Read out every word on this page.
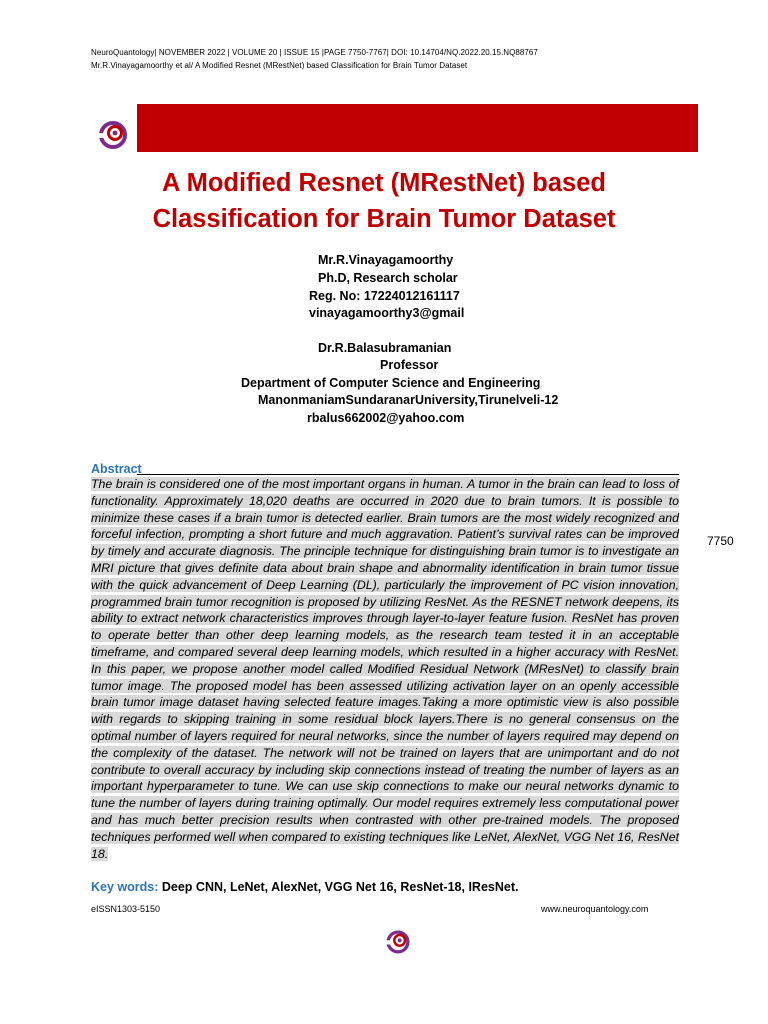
NeuroQuantology| NOVEMBER 2022 | VOLUME 20 | ISSUE 15 |PAGE 7750-7767| DOI: 10.14704/NQ.2022.20.15.NQ88767
Mr.R.Vinayagamoorthy et al/ A Modified Resnet (MRestNet) based Classification for Brain Tumor Dataset
A Modified Resnet (MRestNet) based
Classification for Brain Tumor Dataset
Mr.R.Vinayagamoorthy
Ph.D, Research scholar
Reg. No: 17224012161117
vinayagamoorthy3@gmail
Dr.R.Balasubramanian
Professor
Department of Computer Science and Engineering
ManonmaniamSundaranarUniversity,Tirunelveli-12
rbalus662002@yahoo.com
Abstract
The brain is considered one of the most important organs in human. A tumor in the brain can lead to loss of functionality. Approximately 18,020 deaths are occurred in 2020 due to brain tumors. It is possible to minimize these cases if a brain tumor is detected earlier. Brain tumors are the most widely recognized and forceful infection, prompting a short future and much aggravation. Patient’s survival rates can be improved by timely and accurate diagnosis. The principle technique for distinguishing brain tumor is to investigate an MRI picture that gives definite data about brain shape and abnormality identification in brain tumor tissue with the quick advancement of Deep Learning (DL), particularly the improvement of PC vision innovation, programmed brain tumor recognition is proposed by utilizing ResNet. As the RESNET network deepens, its ability to extract network characteristics improves through layer-to-layer feature fusion. ResNet has proven to operate better than other deep learning models, as the research team tested it in an acceptable timeframe, and compared several deep learning models, which resulted in a higher accuracy with ResNet. In this paper, we propose another model called Modified Residual Network (MResNet) to classify brain tumor image. The proposed model has been assessed utilizing activation layer on an openly accessible brain tumor image dataset having selected feature images.Taking a more optimistic view is also possible with regards to skipping training in some residual block layers.There is no general consensus on the optimal number of layers required for neural networks, since the number of layers required may depend on the complexity of the dataset. The network will not be trained on layers that are unimportant and do not contribute to overall accuracy by including skip connections instead of treating the number of layers as an important hyperparameter to tune. We can use skip connections to make our neural networks dynamic to tune the number of layers during training optimally. Our model requires extremely less computational power and has much better precision results when contrasted with other pre-trained models. The proposed techniques performed well when compared to existing techniques like LeNet, AlexNet, VGG Net 16, ResNet 18.
7750
Key words: Deep CNN, LeNet, AlexNet, VGG Net 16, ResNet-18, IResNet.
eISSN1303-5150	www.neuroquantology.com
